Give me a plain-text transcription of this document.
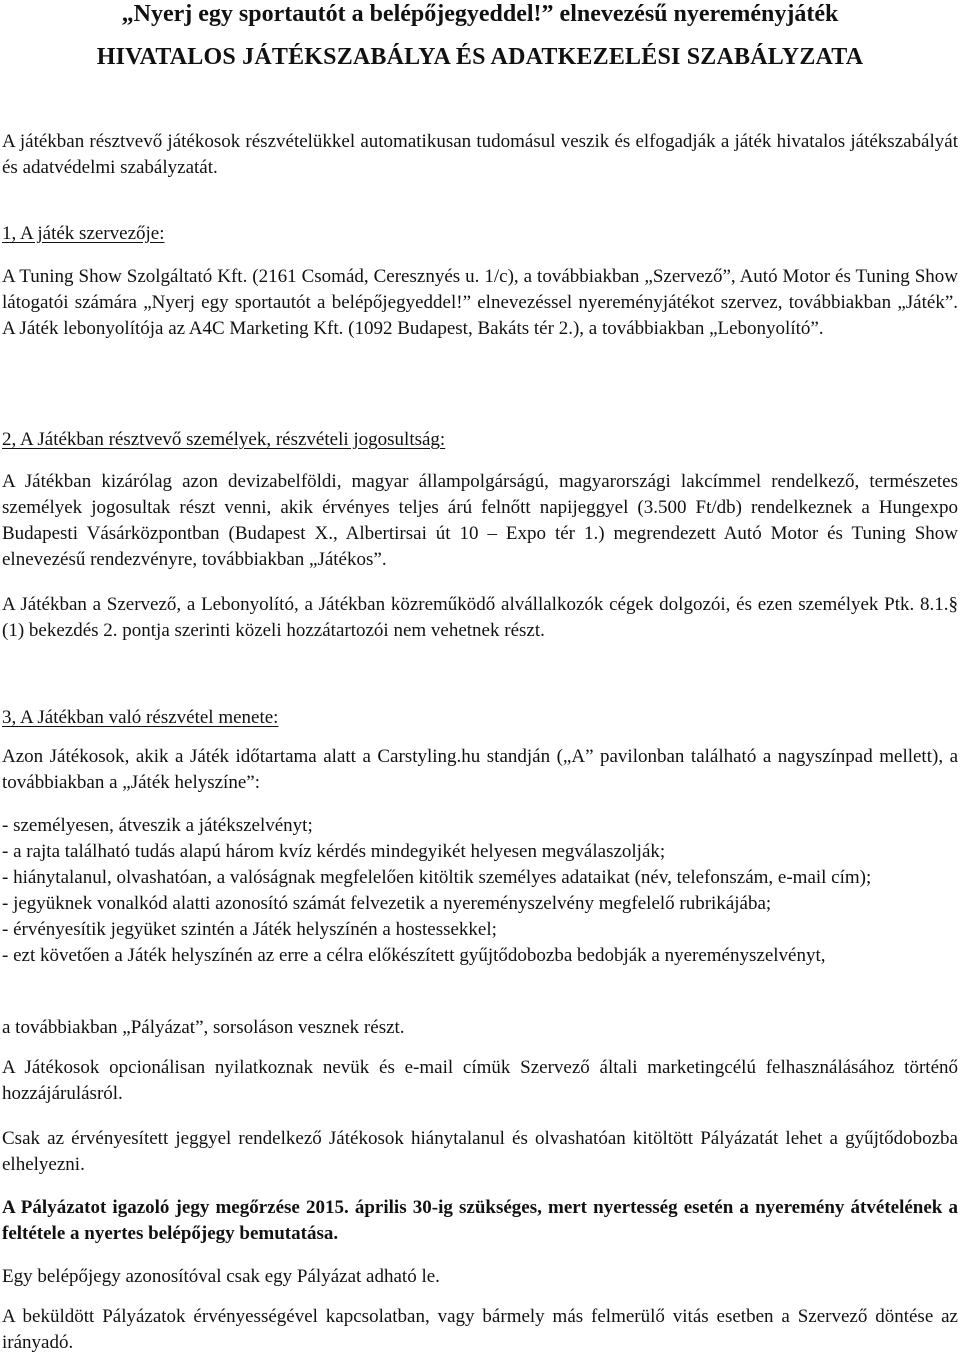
„Nyerj egy sportautót a belépőjegyeddel!” elnevezésű nyereményjáték
HIVATALOS JÁTÉKSZABÁLYA ÉS ADATKEZELÉSI SZABÁLYZATA

A játékban résztvevő játékosok részvételükkel automatikusan tudomásul veszik és elfogadják a játék hivatalos játékszabályát és adatvédelmi szabályzatát.

1, A játék szervezője:

A Tuning Show Szolgáltató Kft. (2161 Csomád, Ceresznyés u. 1/c), a továbbiakban „Szervező”, Autó Motor és Tuning Show látogatói számára „Nyerj egy sportautót a belépőjegyeddel!” elnevezéssel nyereményjátékot szervez, továbbiakban „Játék”. A Játék lebonyolítója az A4C Marketing Kft. (1092 Budapest, Bakáts tér 2.), a továbbiakban „Lebonyolító”.

2, A Játékban résztvevő személyek, részvételi jogosultság:

A Játékban kizárólag azon devizabelföldi, magyar állampolgárságú, magyarországi lakcímmel rendelkező, természetes személyek jogosultak részt venni, akik érvényes teljes árú felnőtt napijeggyel (3.500 Ft/db) rendelkeznek a Hungexpo Budapesti Vásárközpontban (Budapest X., Albertirsai út 10 – Expo tér 1.) megrendezett Autó Motor és Tuning Show elnevezésű rendezvényre, továbbiakban „Játékos”.

A Játékban a Szervező, a Lebonyolító, a Játékban közreműködő alvállalkozók cégek dolgozói, és ezen személyek Ptk. 8.1.§ (1) bekezdés 2. pontja szerinti közeli hozzátartozói nem vehetnek részt.

3, A Játékban való részvétel menete:

Azon Játékosok, akik a Játék időtartama alatt a Carstyling.hu standján („A” pavilonban található a nagyszínpad mellett), a továbbiakban a „Játék helyszíne”:

- személyesen, átveszik a játékszelvényt;
- a rajta található tudás alapú három kvíz kérdés mindegyikét helyesen megválaszolják;
- hiánytalanul, olvashatóan, a valóságnak megfelelően kitöltik személyes adataikat (név, telefonszám, e-mail cím);
- jegyüknek vonalkód alatti azonosító számát felvezetik a nyereményszelvény megfelelő rubrikájába;
- érvényesítik jegyüket szintén a Játék helyszínén a hostessekkel;
- ezt követően a Játék helyszínén az erre a célra előkészített gyűjtődobozba bedobják a nyereményszelvényt,

a továbbiakban „Pályázat”, sorsoláson vesznek részt.

A Játékosok opcionálisan nyilatkoznak nevük és e-mail címük Szervező általi marketingcélú felhasználásához történő hozzájárulásról.

Csak az érvényesített jeggyel rendelkező Játékosok hiánytalanul és olvashatóan kitöltött Pályázatát lehet a gyűjtődobozba elhelyezni.

A Pályázatot igazoló jegy megőrzése 2015. április 30-ig szükséges, mert nyertesség esetén a nyeremény átvételének a feltétele a nyertes belépőjegy bemutatása.

Egy belépőjegy azonosítóval csak egy Pályázat adható le.

A beküldött Pályázatok érvényességével kapcsolatban, vagy bármely más felmerülő vitás esetben a Szervező döntése az irányadó.
